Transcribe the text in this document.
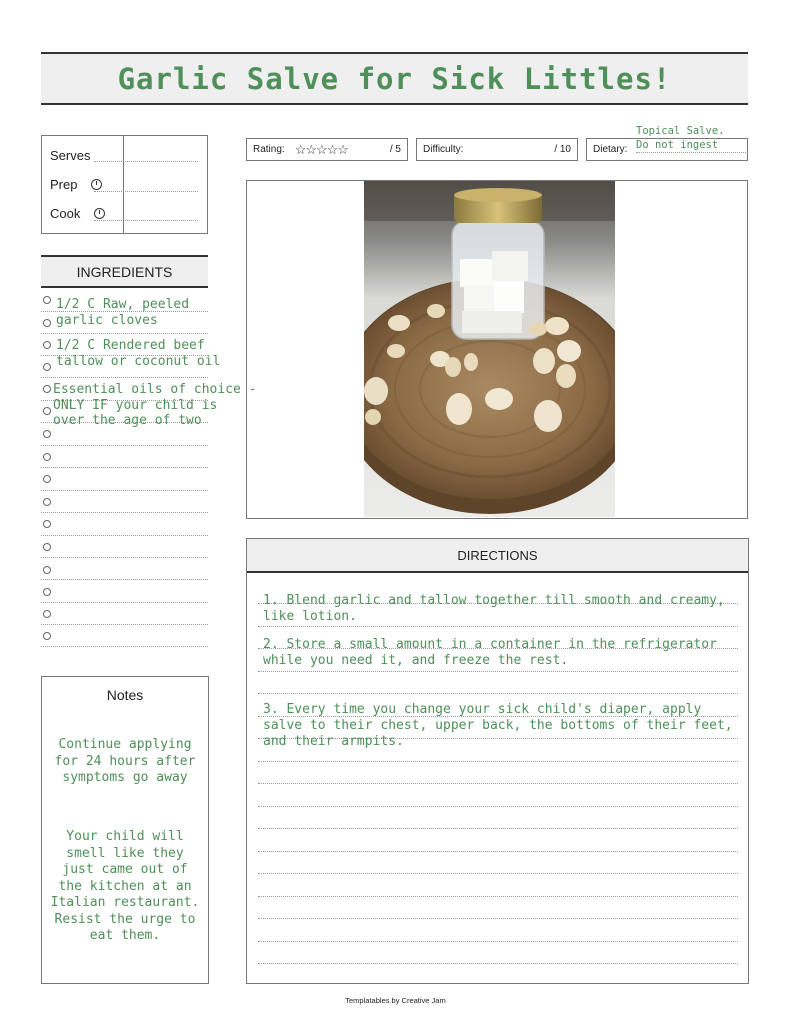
Garlic Salve for Sick Littles!
Serves
Prep
Cook
Rating: ☆☆☆☆☆	/ 5 Difficulty:	/ 10 Dietary:
Topical Salve.
Do not ingest
INGREDIENTS
1/2 C Raw, peeled
garlic cloves
1/2 C Rendered beef
tallow or coconut oil
Essential oils of choice -
ONLY IF your child is
over the age of two
Notes
Continue applying for 24 hours after symptoms go away
Your child will smell like they just came out of the kitchen at an Italian restaurant. Resist the urge to eat them.
DIRECTIONS
1. Blend garlic and tallow together till smooth and creamy, like lotion.
2. Store a small amount in a container in the refrigerator while you need it, and freeze the rest.
3. Every time you change your sick child's diaper, apply salve to their chest, upper back, the bottoms of their feet, and their armpits.
Templatables by Creative Jam
